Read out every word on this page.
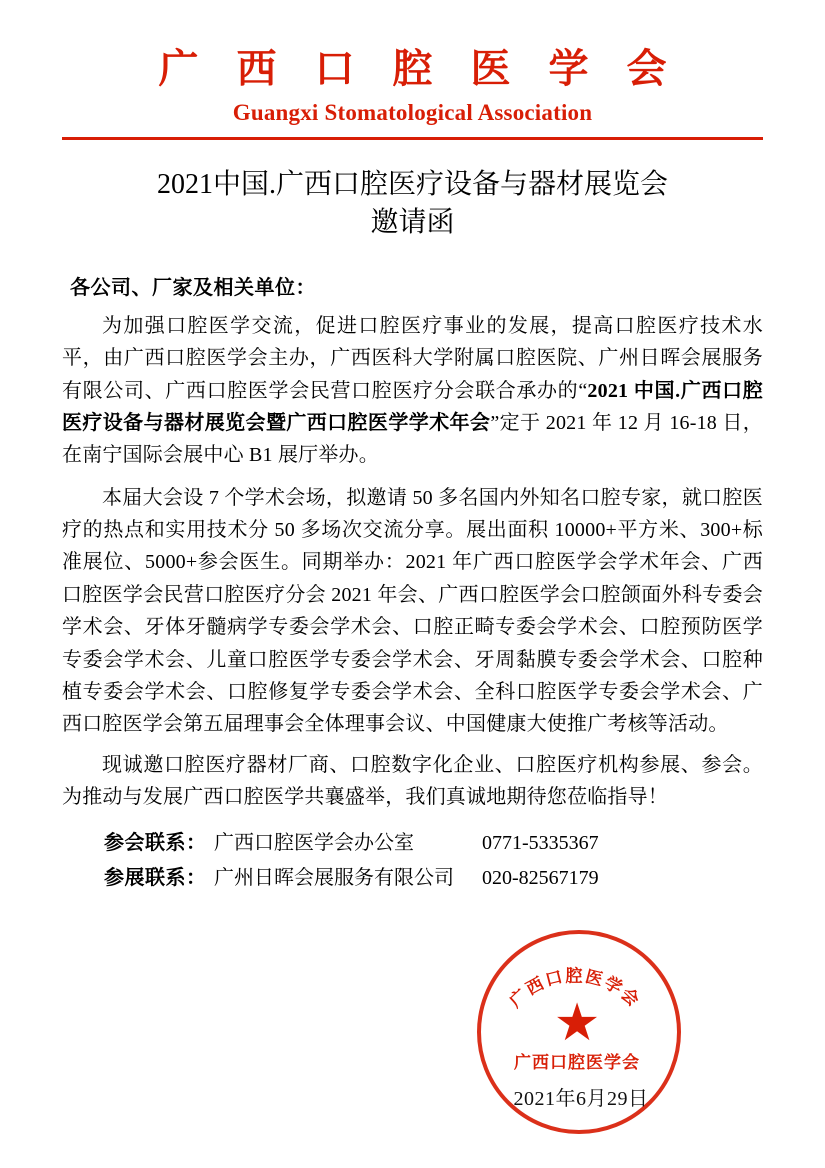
广 西 口 腔 医 学 会
Guangxi Stomatological Association
2021中国.广西口腔医疗设备与器材展览会
邀请函
各公司、厂家及相关单位：

为加强口腔医学交流，促进口腔医疗事业的发展，提高口腔医疗技术水平，由广西口腔医学会主办，广西医科大学附属口腔医院、广州日晖会展服务有限公司、广西口腔医学会民营口腔医疗分会联合承办的“2021 中国.广西口腔医疗设备与器材展览会暨广西口腔医学学术年会”定于 2021 年 12 月 16-18 日，在南宁国际会展中心 B1 展厅举办。

本届大会设 7 个学术会场，拟邀请 50 多名国内外知名口腔专家，就口腔医疗的热点和实用技术分 50 多场次交流分享。展出面积 10000+平方米、300+标准展位、5000+参会医生。同期举办：2021 年广西口腔医学会学术年会、广西口腔医学会民营口腔医疗分会 2021 年会、广西口腔医学会口腔颌面外科专委会学术会、牙体牙髓病学专委会学术会、口腔正畸专委会学术会、口腔预防医学专委会学术会、儿童口腔医学专委会学术会、牙周黏膜专委会学术会、口腔种植专委会学术会、口腔修复学专委会学术会、全科口腔医学专委会学术会、广西口腔医学会第五届理事会全体理事会议、中国健康大使推广考核等活动。

现诚邀口腔医疗器材厂商、口腔数字化企业、口腔医疗机构参展、参会。为推动与发展广西口腔医学共襄盛举，我们真诚地期待您莅临指导！

参会联系： 广西口腔医学会办公室	0771-5335367
参展联系： 广州日晖会展服务有限公司	020-82567179
广西口腔医学会
★
广西口腔医学会
2021年6月29日
